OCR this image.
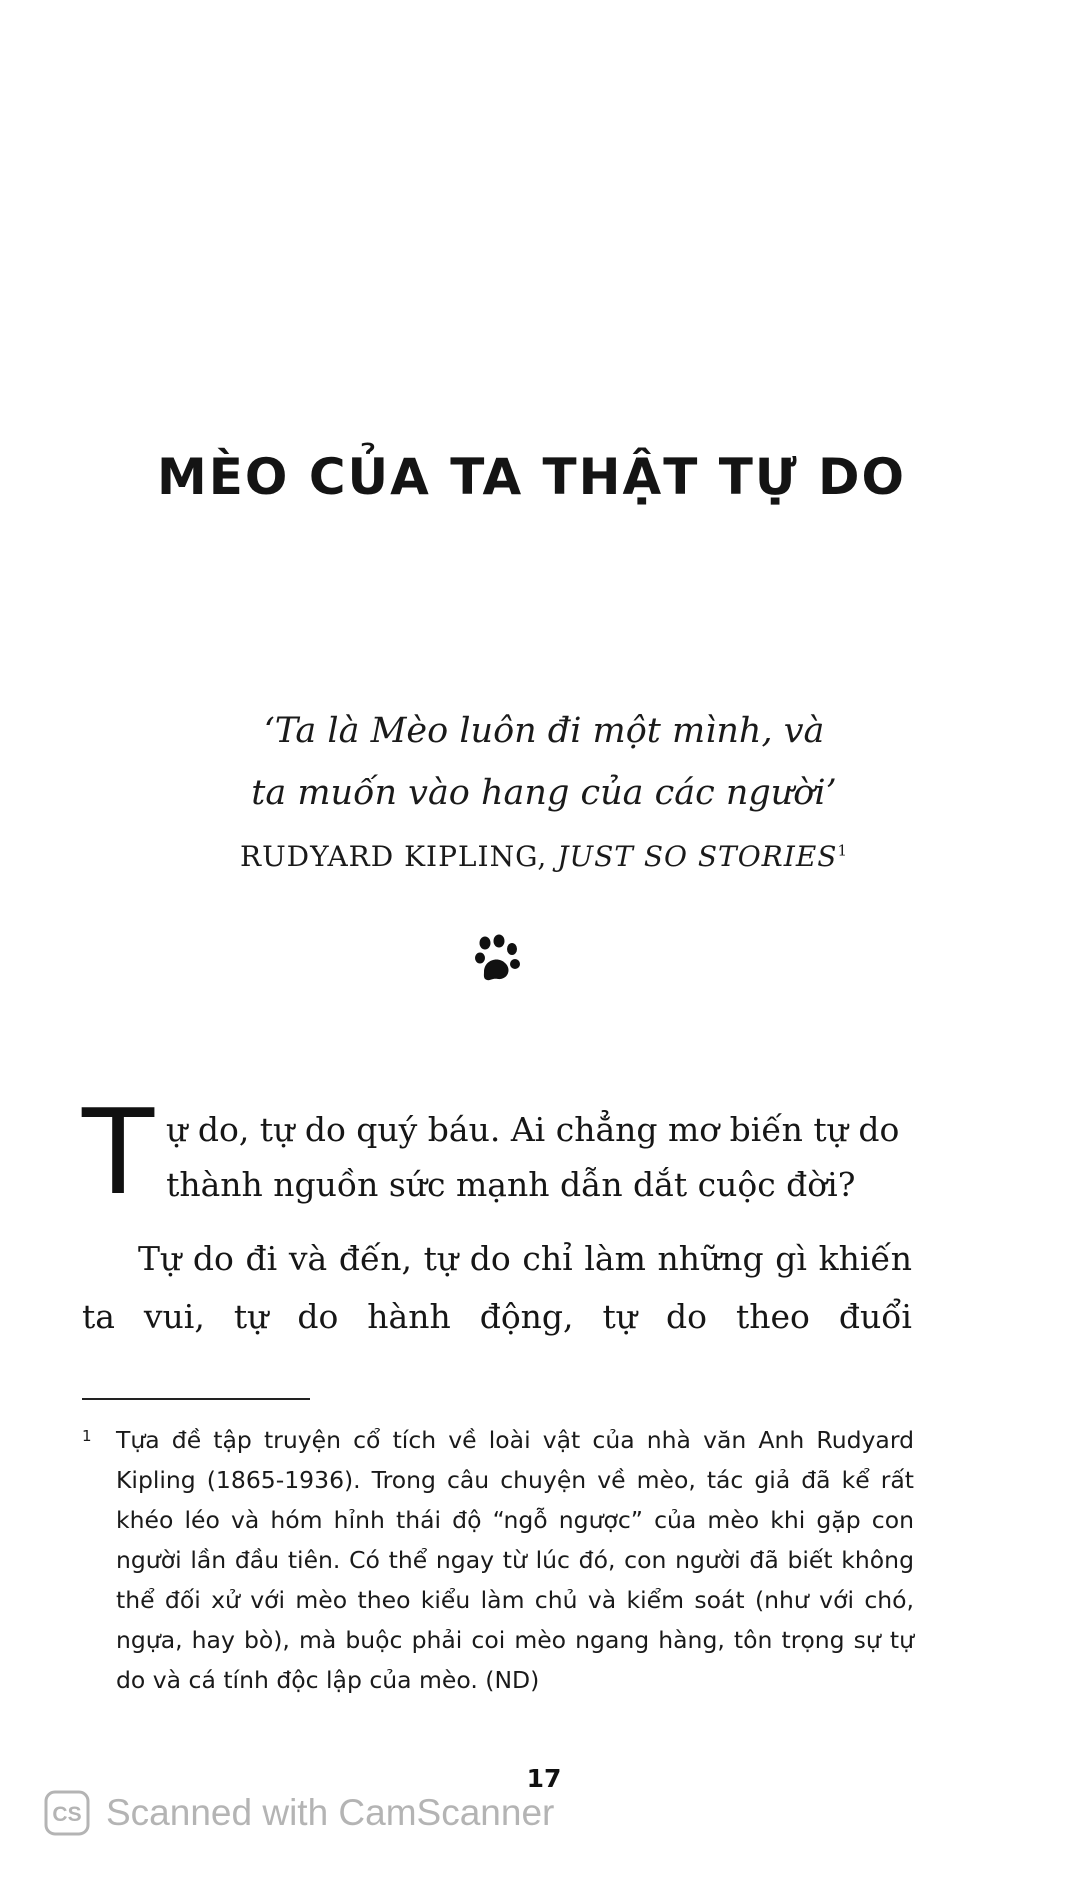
MÈO CỦA TA THẬT TỰ DO
‘Ta là Mèo luôn đi một mình, và
ta muốn vào hang của các người’
RUDYARD KIPLING, JUST SO STORIES$^1$
T ự do, tự do quý báu. Ai chẳng mơ biến tự do thành nguồn sức mạnh dẫn dắt cuộc đời?

Tự do đi và đến, tự do chỉ làm những gì khiến ta vui, tự do hành động, tự do theo đuổi

1 Tựa đề tập truyện cổ tích về loài vật của nhà văn Anh Rudyard Kipling (1865-1936). Trong câu chuyện về mèo, tác giả đã kể rất khéo léo và hóm hỉnh thái độ “ngỗ ngược” của mèo khi gặp con người lần đầu tiên. Có thể ngay từ lúc đó, con người đã biết không thể đối xử với mèo theo kiểu làm chủ và kiểm soát (như với chó, ngựa, hay bò), mà buộc phải coi mèo ngang hàng, tôn trọng sự tự do và cá tính độc lập của mèo. (ND)
17
CS Scanned with CamScanner
